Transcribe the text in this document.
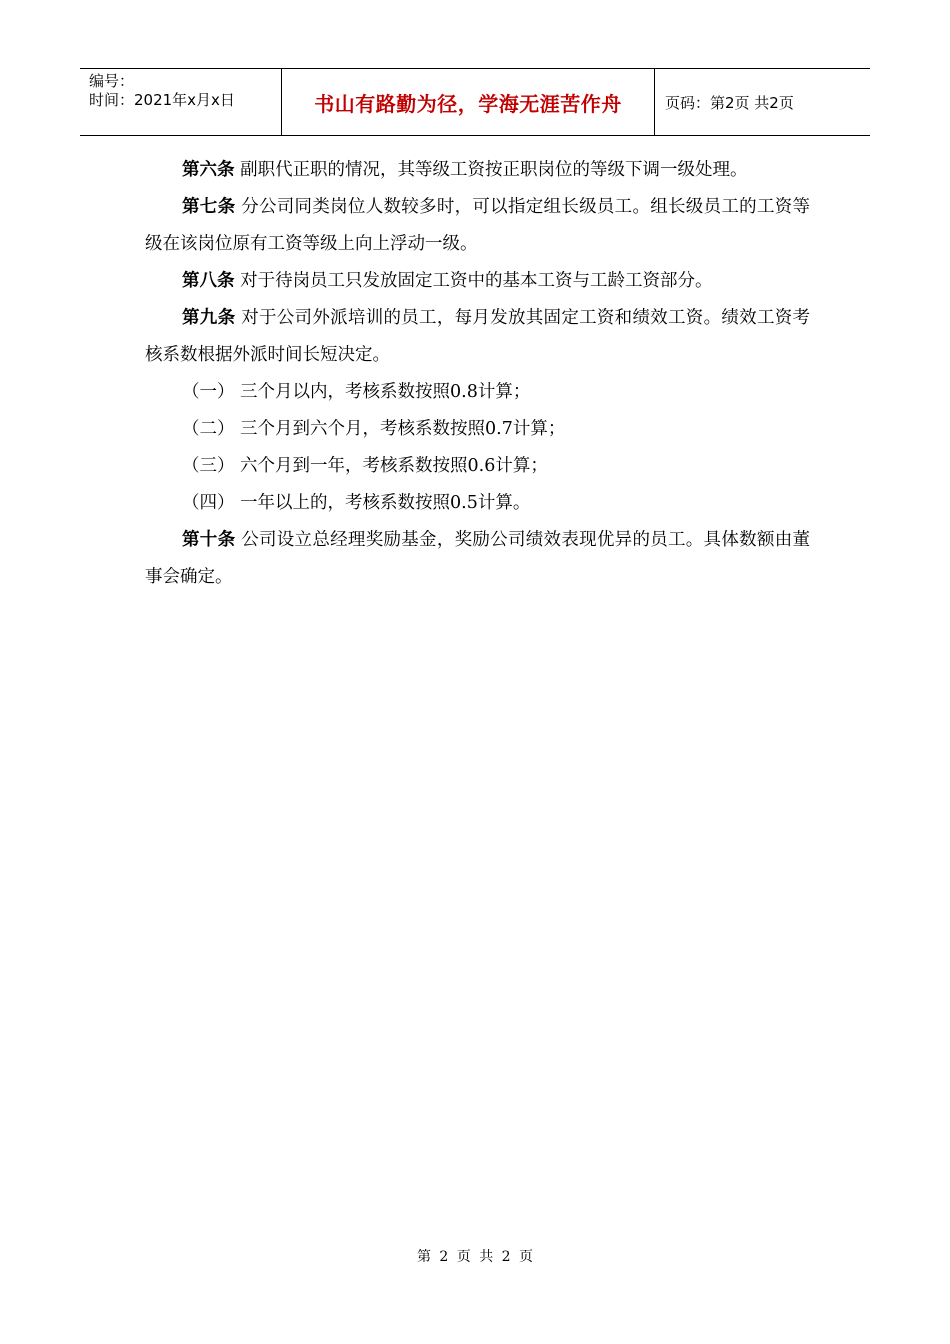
编号：
时间：2021年x月x日	书山有路勤为径，学海无涯苦作舟	页码：第2页 共2页

第六条 副职代正职的情况，其等级工资按正职岗位的等级下调一级处理。

第七条 分公司同类岗位人数较多时，可以指定组长级员工。组长级员工的工资等级在该岗位原有工资等级上向上浮动一级。

第八条 对于待岗员工只发放固定工资中的基本工资与工龄工资部分。

第九条 对于公司外派培训的员工，每月发放其固定工资和绩效工资。绩效工资考核系数根据外派时间长短决定。

（一） 三个月以内，考核系数按照0.8计算；

（二） 三个月到六个月，考核系数按照0.7计算；

（三） 六个月到一年，考核系数按照0.6计算；

（四） 一年以上的，考核系数按照0.5计算。

第十条 公司设立总经理奖励基金，奖励公司绩效表现优异的员工。具体数额由董事会确定。

第 2 页 共 2 页
